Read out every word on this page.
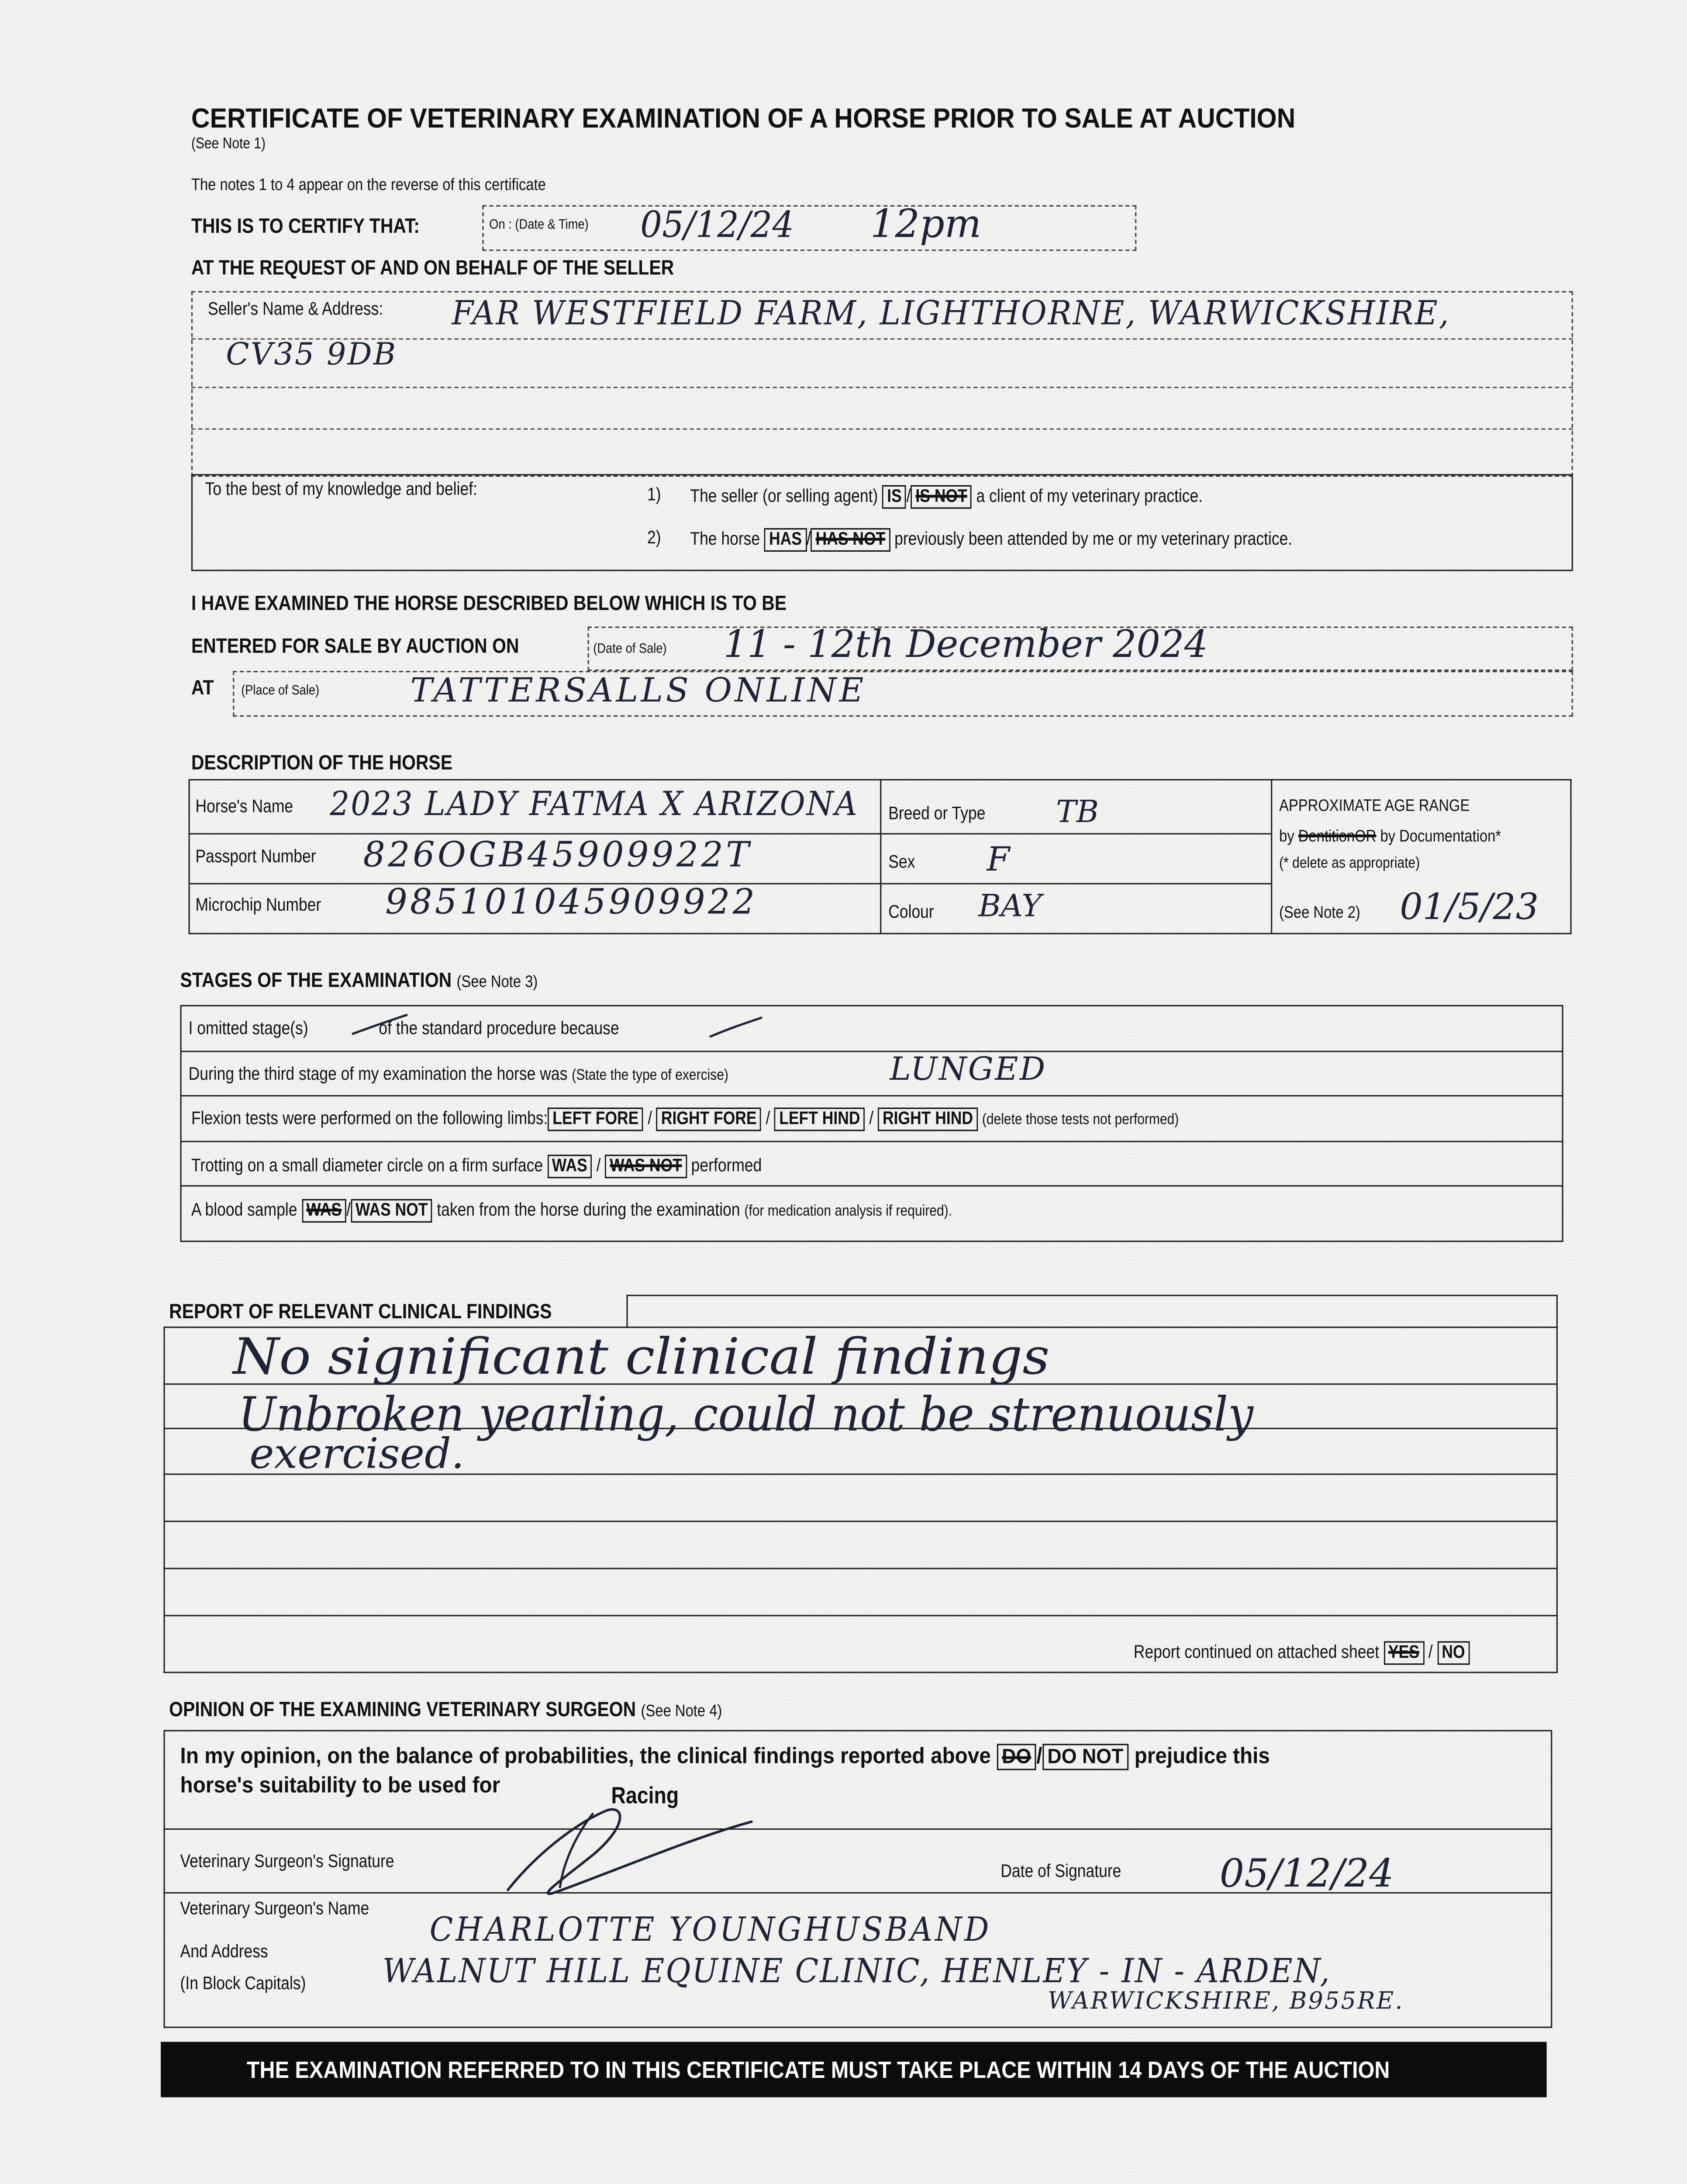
CERTIFICATE OF VETERINARY EXAMINATION OF A HORSE PRIOR TO SALE AT AUCTION
(See Note 1)
The notes 1 to 4 appear on the reverse of this certificate
THIS IS TO CERTIFY THAT:	On : (Date & Time)	05/12/24	12pm
AT THE REQUEST OF AND ON BEHALF OF THE SELLER
Seller's Name & Address:	FAR WESTFIELD FARM, LIGHTHORNE, WARWICKSHIRE,
CV35 9DB
To the best of my knowledge and belief:	1)	The seller (or selling agent) IS / IS NOT a client of my veterinary practice.
2)	The horse HAS / HAS NOT previously been attended by me or my veterinary practice.
I HAVE EXAMINED THE HORSE DESCRIBED BELOW WHICH IS TO BE
ENTERED FOR SALE BY AUCTION ON	(Date of Sale)	11 - 12th December 2024
AT	(Place of Sale)	TATTERSALLS ONLINE
DESCRIPTION OF THE HORSE
Horse's Name	2023 LADY FATMA X ARIZONA
Passport Number	826OGB45909922T
Microchip Number	985101045909922
Breed or Type	TB
Sex	F
Colour	BAY
APPROXIMATE AGE RANGE
by DentitionOR by Documentation*
(* delete as appropriate)
(See Note 2)	01/5/23
STAGES OF THE EXAMINATION (See Note 3)
I omitted stage(s)	of the standard procedure because
During the third stage of my examination the horse was (State the type of exercise)	LUNGED
Flexion tests were performed on the following limbs: LEFT FORE / RIGHT FORE / LEFT HIND / RIGHT HIND (delete those tests not performed)
Trotting on a small diameter circle on a firm surface WAS / WAS NOT performed
A blood sample WAS / WAS NOT taken from the horse during the examination (for medication analysis if required).
REPORT OF RELEVANT CLINICAL FINDINGS
No significant clinical findings
Unbroken yearling, could not be strenuously
exercised.
Report continued on attached sheet YES / NO
OPINION OF THE EXAMINING VETERINARY SURGEON (See Note 4)
In my opinion, on the balance of probabilities, the clinical findings reported above DO / DO NOT prejudice this
horse's suitability to be used for	Racing
Veterinary Surgeon's Signature	Date of Signature	05/12/24
Veterinary Surgeon's Name
And Address
(In Block Capitals)
CHARLOTTE YOUNGHUSBAND
WALNUT HILL EQUINE CLINIC, HENLEY - IN - ARDEN,
WARWICKSHIRE, B955RE.
THE EXAMINATION REFERRED TO IN THIS CERTIFICATE MUST TAKE PLACE WITHIN 14 DAYS OF THE AUCTION
